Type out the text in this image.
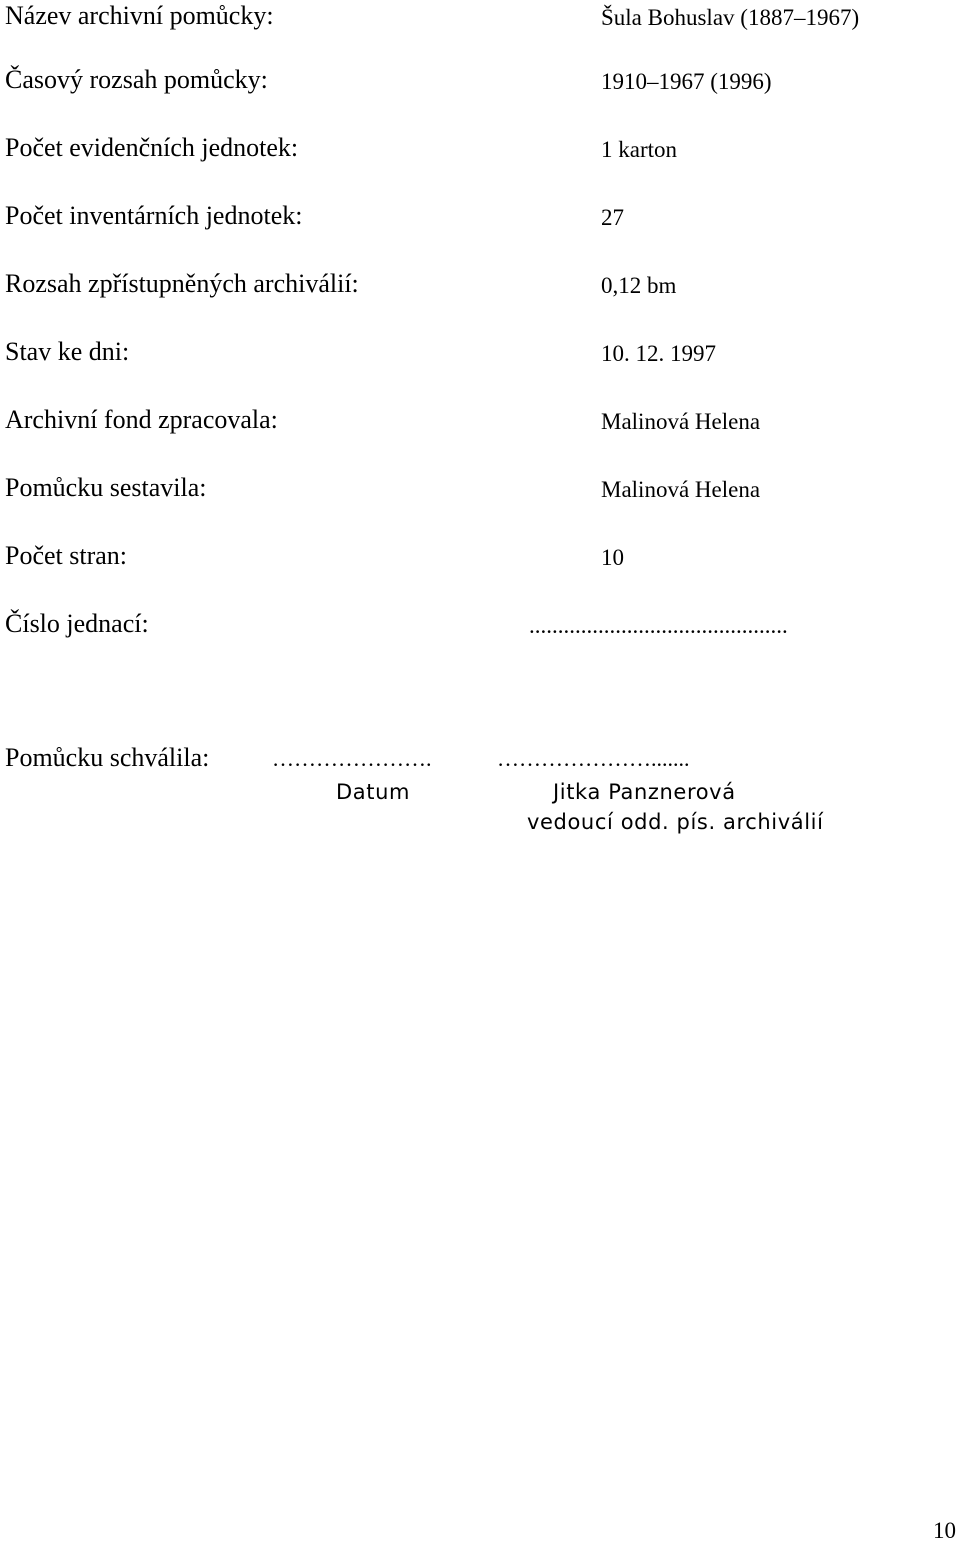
Název archivní pomůcky:	Šula Bohuslav (1887–1967)
Časový rozsah pomůcky:	1910–1967 (1996)
Počet evidenčních jednotek:	1 karton
Počet inventárních jednotek:	27
Rozsah zpřístupněných archiválií:	0,12 bm
Stav ke dni:	10. 12. 1997
Archivní fond zpracovala:	Malinová Helena
Pomůcku sestavila:	Malinová Helena
Počet stran:	10
Číslo jednací:	.............................................
Pomůcku schválila:	………………….	………………….......
Datum	Jitka Panznerová
vedoucí odd. pís. archiválií
10
